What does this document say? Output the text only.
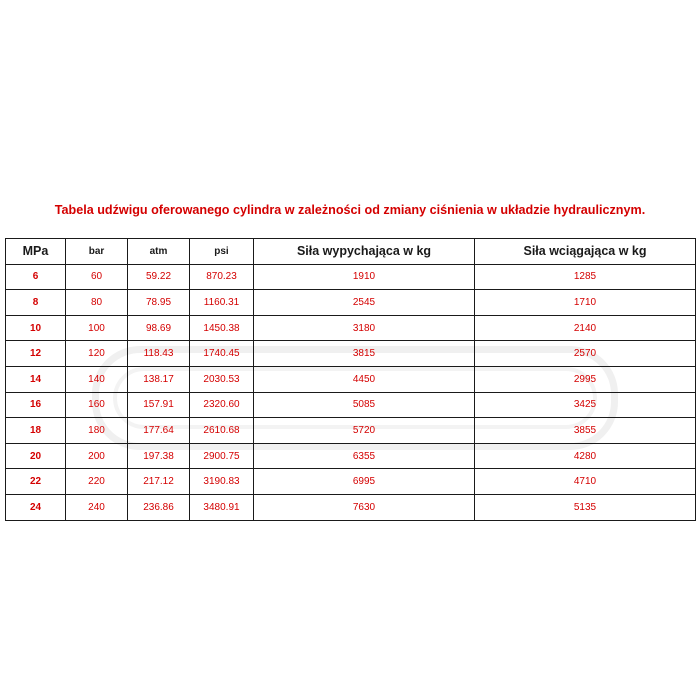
Tabela udźwigu oferowanego cylindra w zależności od zmiany ciśnienia w układzie hydraulicznym.
MPa	bar	atm	psi	Siła wypychająca w kg	Siła wciągająca w kg
6	60	59.22	870.23	1910	1285
8	80	78.95	1160.31	2545	1710
10	100	98.69	1450.38	3180	2140
12	120	118.43	1740.45	3815	2570
14	140	138.17	2030.53	4450	2995
16	160	157.91	2320.60	5085	3425
18	180	177.64	2610.68	5720	3855
20	200	197.38	2900.75	6355	4280
22	220	217.12	3190.83	6995	4710
24	240	236.86	3480.91	7630	5135
